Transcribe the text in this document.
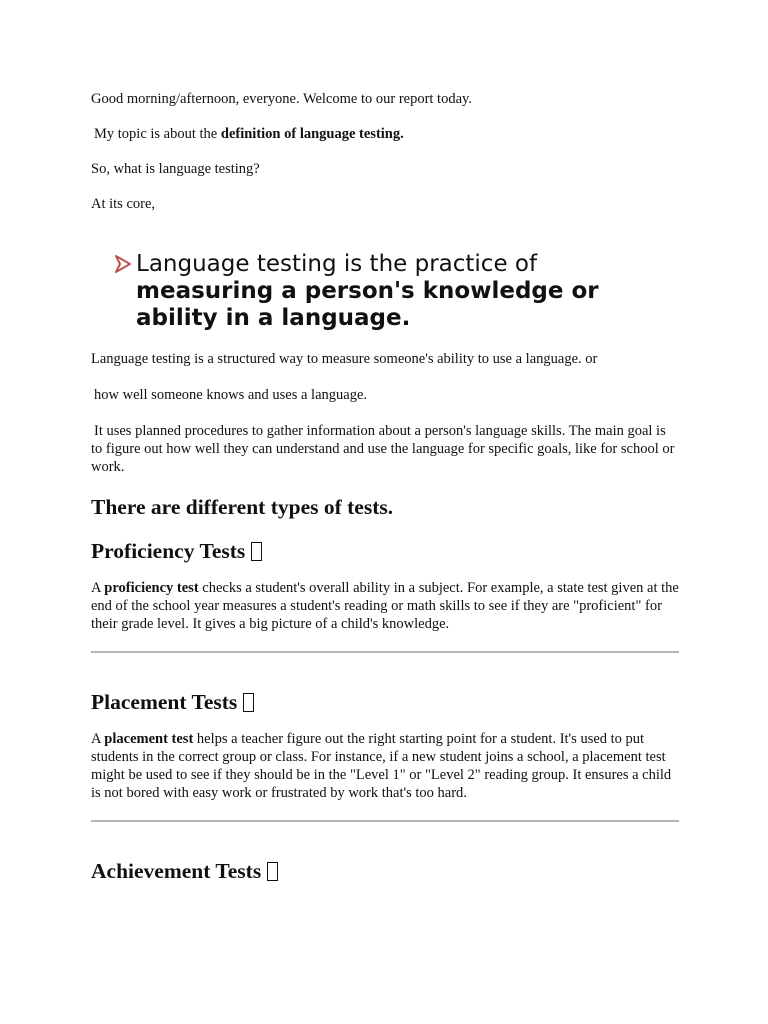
Good morning/afternoon, everyone. Welcome to our report today.

My topic is about the definition of language testing.

So, what is language testing?

At its core,

Language testing is the practice of measuring a person's knowledge or ability in a language.

Language testing is a structured way to measure someone's ability to use a language. or

how well someone knows and uses a language.

It uses planned procedures to gather information about a person's language skills. The main goal is to figure out how well they can understand and use the language for specific goals, like for school or work.

There are different types of tests.
Proficiency Tests

A proficiency test checks a student's overall ability in a subject. For example, a state test given at the end of the school year measures a student's reading or math skills to see if they are "proficient" for their grade level. It gives a big picture of a child's knowledge.

Placement Tests

A placement test helps a teacher figure out the right starting point for a student. It's used to put students in the correct group or class. For instance, if a new student joins a school, a placement test might be used to see if they should be in the "Level 1" or "Level 2" reading group. It ensures a child is not bored with easy work or frustrated by work that's too hard.

Achievement Tests
